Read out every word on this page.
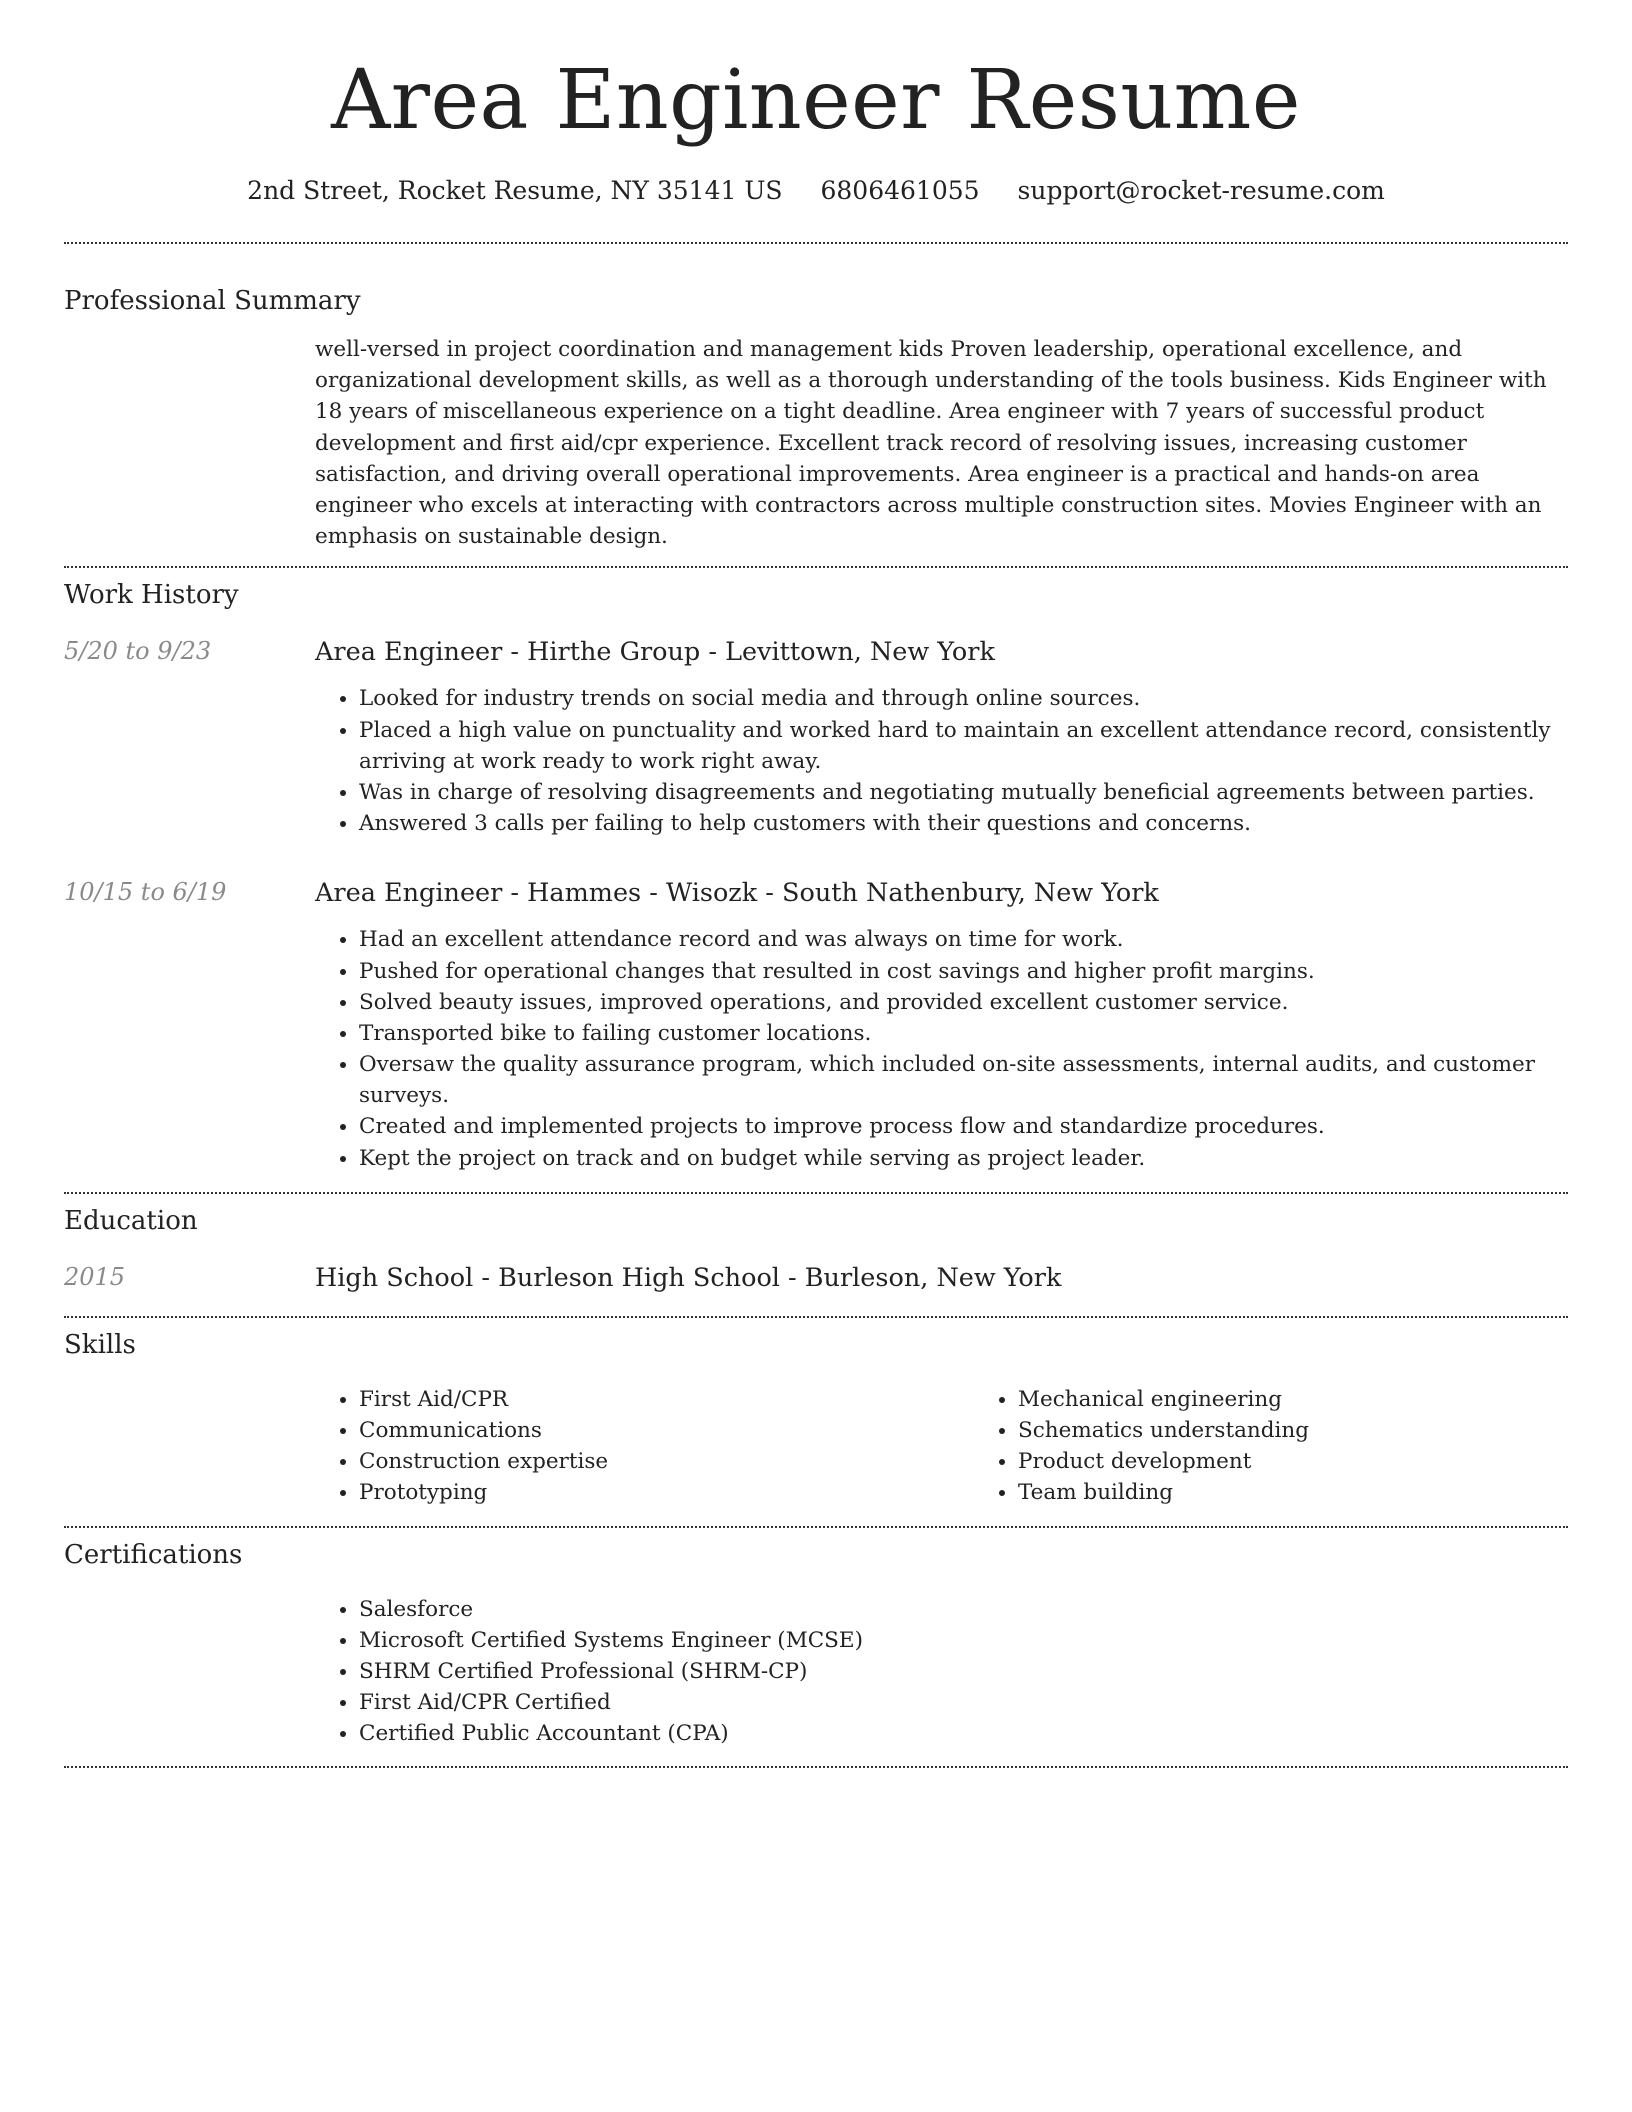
Area Engineer Resume
2nd Street, Rocket Resume, NY 35141 US 6806461055 support@rocket-resume.com
Professional Summary
well-versed in project coordination and management kids Proven leadership, operational excellence, and organizational development skills, as well as a thorough understanding of the tools business. Kids Engineer with 18 years of miscellaneous experience on a tight deadline. Area engineer with 7 years of successful product development and first aid/cpr experience. Excellent track record of resolving issues, increasing customer satisfaction, and driving overall operational improvements. Area engineer is a practical and hands-on area engineer who excels at interacting with contractors across multiple construction sites. Movies Engineer with an emphasis on sustainable design.
Work History
5/20 to 9/23	Area Engineer - Hirthe Group - Levittown, New York
• Looked for industry trends on social media and through online sources.
• Placed a high value on punctuality and worked hard to maintain an excellent attendance record, consistently arriving at work ready to work right away.
• Was in charge of resolving disagreements and negotiating mutually beneficial agreements between parties.
• Answered 3 calls per failing to help customers with their questions and concerns.
10/15 to 6/19	Area Engineer - Hammes - Wisozk - South Nathenbury, New York
• Had an excellent attendance record and was always on time for work.
• Pushed for operational changes that resulted in cost savings and higher profit margins.
• Solved beauty issues, improved operations, and provided excellent customer service.
• Transported bike to failing customer locations.
• Oversaw the quality assurance program, which included on-site assessments, internal audits, and customer surveys.
• Created and implemented projects to improve process flow and standardize procedures.
• Kept the project on track and on budget while serving as project leader.
Education
2015	High School - Burleson High School - Burleson, New York
Skills
• First Aid/CPR
• Communications
• Construction expertise
• Prototyping
• Mechanical engineering
• Schematics understanding
• Product development
• Team building
Certifications
• Salesforce
• Microsoft Certified Systems Engineer (MCSE)
• SHRM Certified Professional (SHRM-CP)
• First Aid/CPR Certified
• Certified Public Accountant (CPA)
